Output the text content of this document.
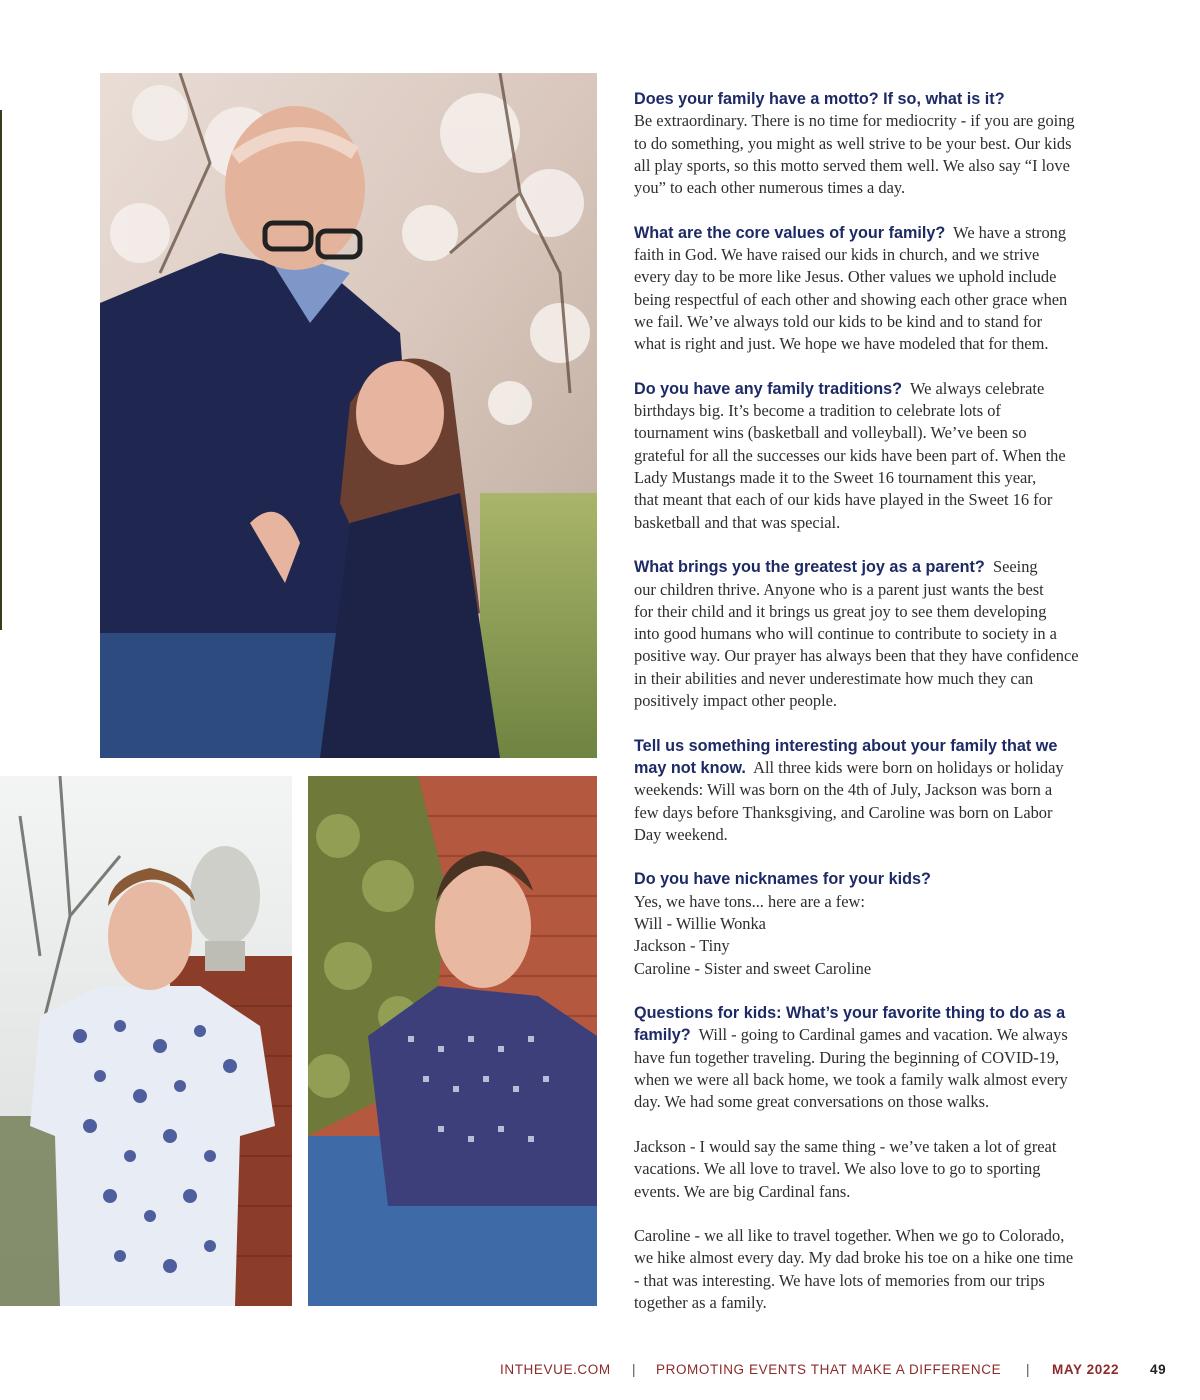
Does your family have a motto? If so, what is it?
Be extraordinary. There is no time for mediocrity - if you are going
to do something, you might as well strive to be your best. Our kids
all play sports, so this motto served them well. We also say “I love
you” to each other numerous times a day.
What are the core values of your family? We have a strong
faith in God. We have raised our kids in church, and we strive
every day to be more like Jesus. Other values we uphold include
being respectful of each other and showing each other grace when
we fail. We’ve always told our kids to be kind and to stand for
what is right and just. We hope we have modeled that for them.
Do you have any family traditions? We always celebrate
birthdays big. It’s become a tradition to celebrate lots of
tournament wins (basketball and volleyball). We’ve been so
grateful for all the successes our kids have been part of. When the
Lady Mustangs made it to the Sweet 16 tournament this year,
that meant that each of our kids have played in the Sweet 16 for
basketball and that was special.
What brings you the greatest joy as a parent? Seeing
our children thrive. Anyone who is a parent just wants the best
for their child and it brings us great joy to see them developing
into good humans who will continue to contribute to society in a
positive way. Our prayer has always been that they have confidence
in their abilities and never underestimate how much they can
positively impact other people.
Tell us something interesting about your family that we
may not know. All three kids were born on holidays or holiday
weekends: Will was born on the 4th of July, Jackson was born a
few days before Thanksgiving, and Caroline was born on Labor
Day weekend.
Do you have nicknames for your kids?
Yes, we have tons... here are a few:
Will - Willie Wonka
Jackson - Tiny
Caroline - Sister and sweet Caroline
Questions for kids: What’s your favorite thing to do as a
family? Will - going to Cardinal games and vacation. We always
have fun together traveling. During the beginning of COVID-19,
when we were all back home, we took a family walk almost every
day. We had some great conversations on those walks.
Jackson - I would say the same thing - we’ve taken a lot of great
vacations. We all love to travel. We also love to go to sporting
events. We are big Cardinal fans.
Caroline - we all like to travel together. When we go to Colorado,
we hike almost every day. My dad broke his toe on a hike one time
- that was interesting. We have lots of memories from our trips
together as a family.
INTHEVUE.COM | PROMOTING EVENTS THAT MAKE A DIFFERENCE | MAY 2022 49
